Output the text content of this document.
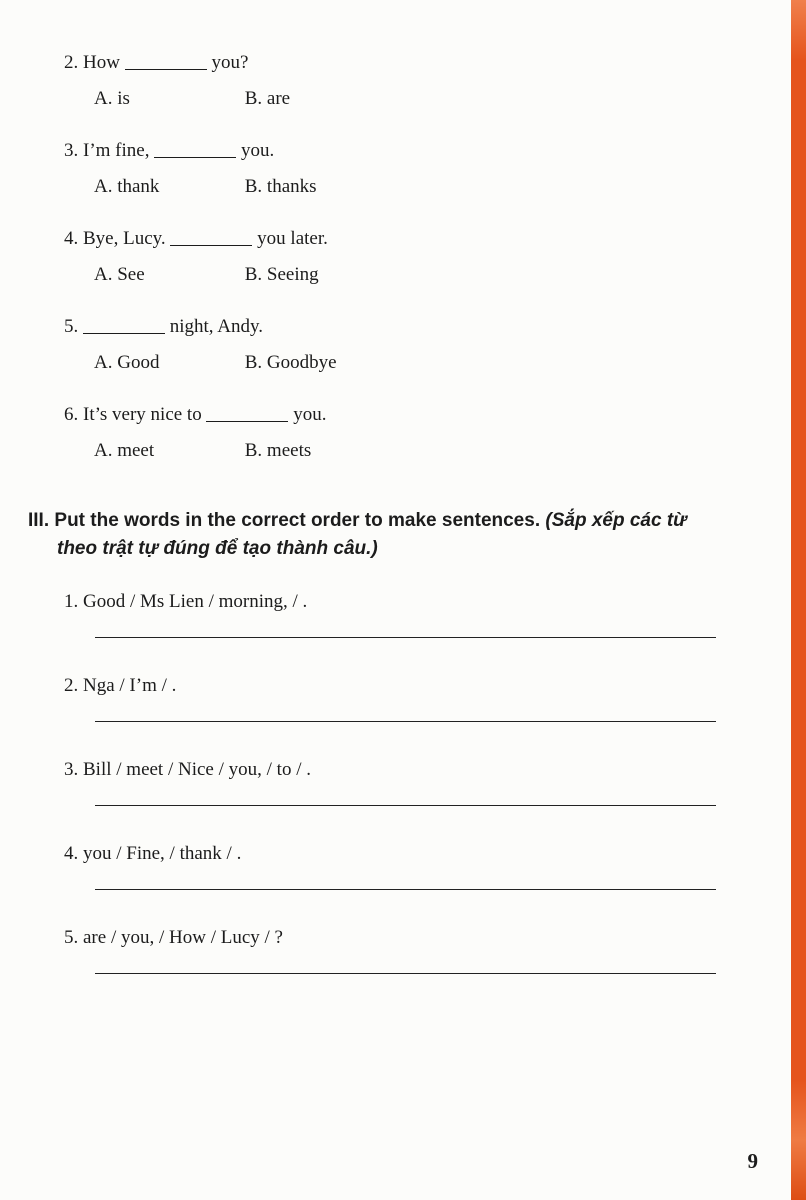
2. How	you?
A. is	B. are
3. I’m fine,	you.
A. thank	B. thanks
4. Bye, Lucy.	you later.
A. See	B. Seeing
5.	night, Andy.
A. Good	B. Goodbye
6. It’s very nice to	you.
A. meet	B. meets
III. Put the words in the correct order to make sentences. (Sắp xếp các từ theo trật tự đúng để tạo thành câu.)
1. Good / Ms Lien / morning, / .
2. Nga / I’m / .
3. Bill / meet / Nice / you, / to / .
4. you / Fine, / thank / .
5. are / you, / How / Lucy / ?
9
